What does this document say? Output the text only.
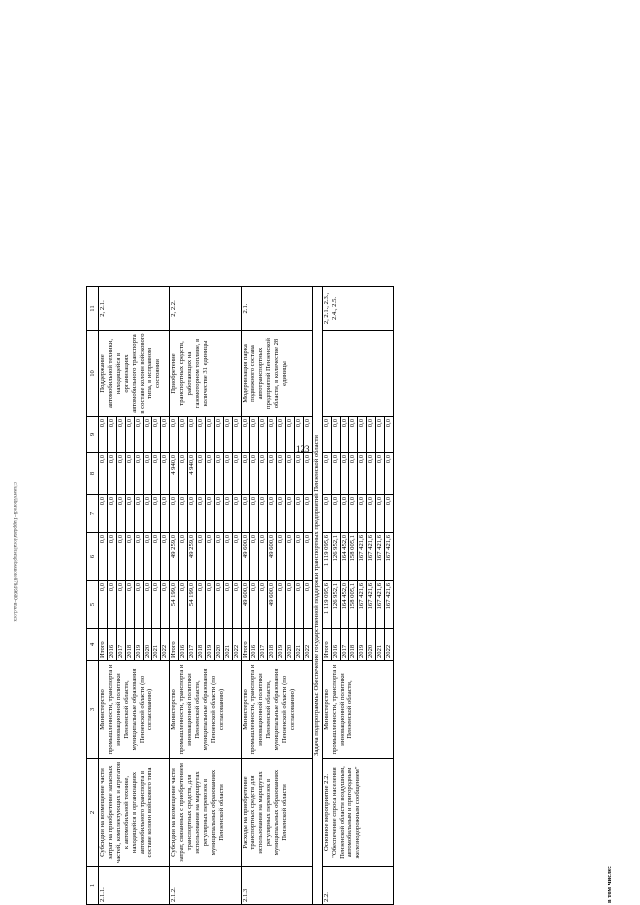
123
1	2	3	4	5	6	7	8	9	10	11
2.1.1.	Субсидии на возмещение части затрат на приобретение запасных частей, комплектующих и агрегатов к автомобильной технике, находящейся в организациях автомобильного транспорта в составе колонн войскового типа	Министерство промышленности, транспорта и инновационной политики Пензенской области, муниципальные образования Пензенской области (по согласованию)	Итого	0,0	0,0	0,0	0,0	0,0	Поддержание автомобильной техники, находящейся в организациях автомобильного транспорта в составе колонн войскового типа, в исправном состоянии	2, 2.1.
			2016	0,0	0,0	0,0	0,0	0,0		
			2017	0,0	0,0	0,0	0,0	0,0		
			2018	0,0	0,0	0,0	0,0	0,0		
			2019	0,0	0,0	0,0	0,0	0,0		
			2020	0,0	0,0	0,0	0,0	0,0		
			2021	0,0	0,0	0,0	0,0	0,0		
			2022	0,0	0,0	0,0	0,0	0,0		
2.1.2.	Субсидии на возмещение части затрат, связанных с приобретением транспортных средств, для использования на маршрутах регулярных перевозок в муниципальных образованиях Пензенской области	Министерство промышленности, транспорта и инновационной политики Пензенской области, муниципальные образования Пензенской области (по согласованию)	Итого	54 199,0	49 259,0	0,0	4 940,0	0,0	Приобретение транспортных средств, работающих на газомоторном топливе, в количестве 31 единицы	2, 2.2.
			2016	0,0	0,0	0,0	0,0	0,0		
			2017	54 199,0	49 259,0	0,0	4 940,0	0,0		
			2018	0,0	0,0	0,0	0,0	0,0		
			2019	0,0	0,0	0,0	0,0	0,0		
			2020	0,0	0,0	0,0	0,0	0,0		
			2021	0,0	0,0	0,0	0,0	0,0		
			2022	0,0	0,0	0,0	0,0	0,0		
2.1.3	Расходы на приобретение транспортных средств для использования на маршрутах регулярных перевозок в муниципальных образованиях Пензенской области	Министерство промышленности, транспорта и инновационной политики Пензенской области, муниципальные образования Пензенской области (по согласованию)	Итого	49 600,0	49 600,0	0,0	0,0	0,0	Модернизация парка подвижного состава автотранспортных предприятий Пензенской области, в количестве 28 единицы	2.1.
			2016	0,0	0,0	0,0	0,0	0,0		
			2017	0,0	0,0	0,0	0,0	0,0		
			2018	49 600,0	49 600,0	0,0	0,0	0,0		
			2019	0,0	0,0	0,0	0,0	0,0		
			2020	0,0	0,0	0,0	0,0	0,0		
			2021	0,0	0,0	0,0	0,0	0,0		
			2022	0,0	0,0	0,0	0,0	0,0		
Задача подпрограммы: Обеспечение государственной поддержки транспортных предприятий Пензенской области										
2.2.	Основное мероприятие 2.2. "Обеспечение спроса населения Пензенской области воздушным, автомобильным и пригородным железнодорожным сообщением"	Министерство промышленности, транспорта и инновационной политики Пензенской области,	Итого	1 119 095,6	1 119 095,6	0,0	0,0	0,0		2, 2.1., 2.3., 2.4., 2.5.
			2016	126 952,1	126 952,1	0,0	0,0	0,0		
			2017	164 452,0	164 452,0	0,0	0,0	0,0		
			2018	158 005,1	158 005,1	0,0	0,0	0,0		
			2019	167 421,6	167 421,6	0,0	0,0	0,0		
			2020	167 421,6	167 421,6	0,0	0,0	0,0		
			2021	167 421,6	167 421,6	0,0	0,0	0,0		
			2022	167 421,6	167 421,6	0,0	0,0	0,0		
в том числе:
c:\users\iborodi~1\appdata\local\temp\bssnote8794\9600~ma.d.ocx
